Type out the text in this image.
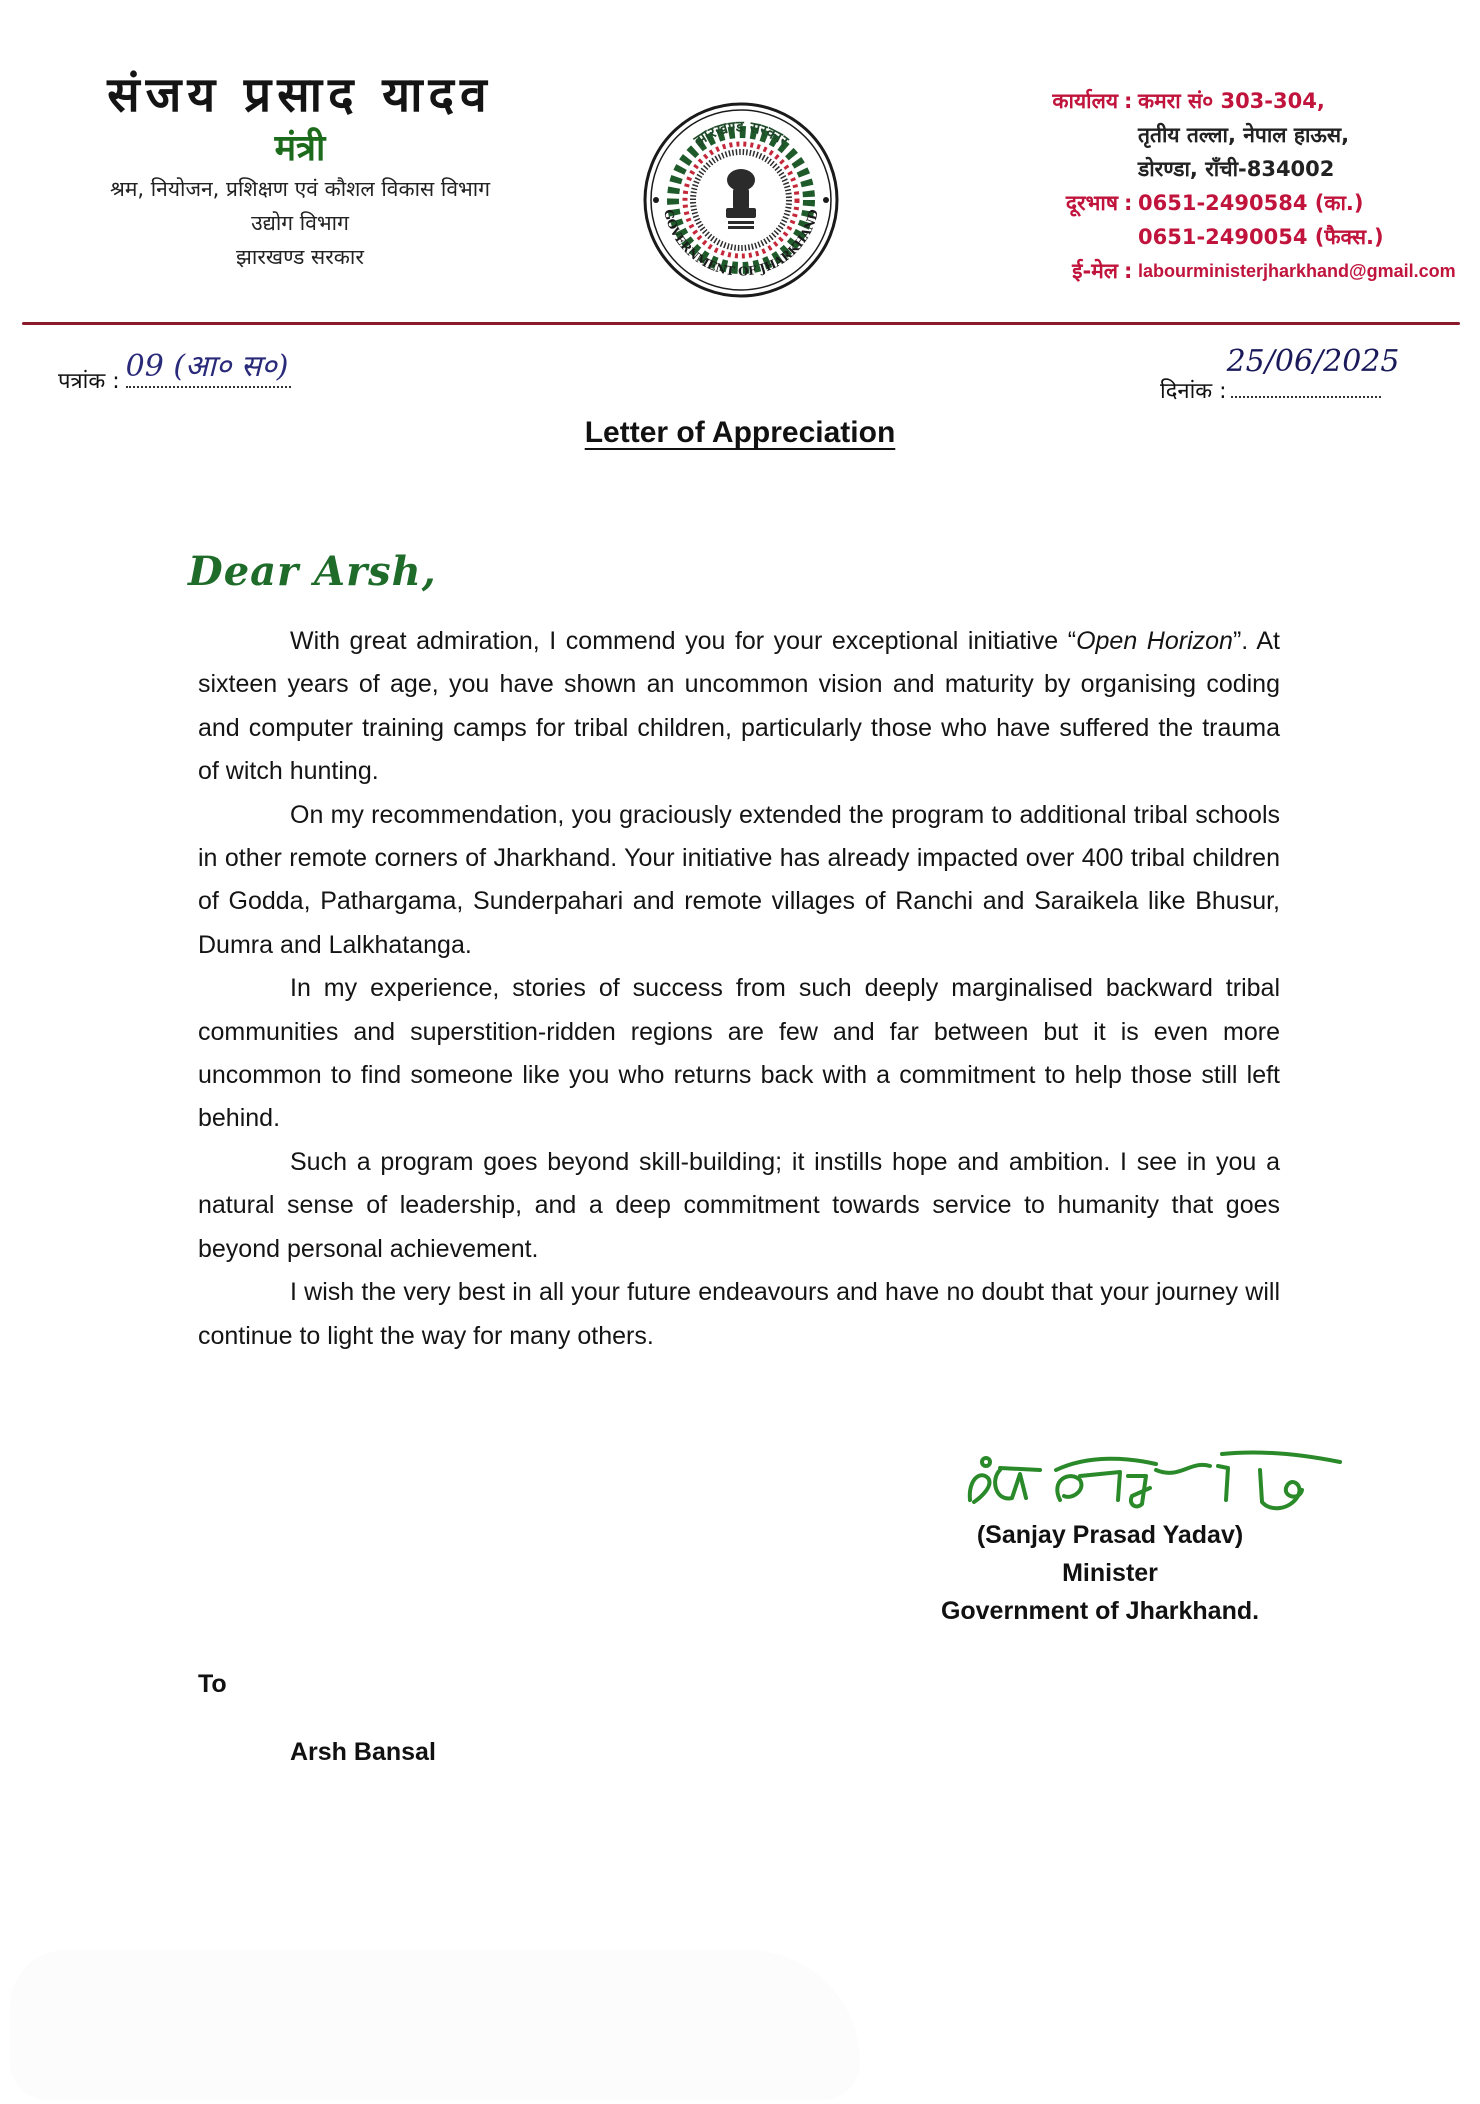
संजय प्रसाद यादव
मंत्री
श्रम, नियोजन, प्रशिक्षण एवं कौशल विकास विभाग
उद्योग विभाग
झारखण्ड सरकार
झारखण्ड सरकार
GOVERNMENT OF JHARKHAND
कार्यालय : कमरा सं० 303-304,
तृतीय तल्ला, नेपाल हाऊस,
डोरण्डा, राँची-834002
दूरभाष : 0651-2490584 (का.)
0651-2490054 (फैक्स.)
ई-मेल : labourministerjharkhand@gmail.com
पत्रांक : 09 (आ० स०)
दिनांक :
25/06/2025
Letter of Appreciation
Dear Arsh,

With great admiration, I commend you for your exceptional initiative “Open Horizon”. At sixteen years of age, you have shown an uncommon vision and maturity by organising coding and computer training camps for tribal children, particularly those who have suffered the trauma of witch hunting.

On my recommendation, you graciously extended the program to additional tribal schools in other remote corners of Jharkhand. Your initiative has already impacted over 400 tribal children of Godda, Pathargama, Sunderpahari and remote villages of Ranchi and Saraikela like Bhusur, Dumra and Lalkhatanga.

In my experience, stories of success from such deeply marginalised backward tribal communities and superstition-ridden regions are few and far between but it is even more uncommon to find someone like you who returns back with a commitment to help those still left behind.

Such a program goes beyond skill-building; it instills hope and ambition. I see in you a natural sense of leadership, and a deep commitment towards service to humanity that goes beyond personal achievement.

I wish the very best in all your future endeavours and have no doubt that your journey will continue to light the way for many others.

(Sanjay Prasad Yadav)
Minister
Government of Jharkhand.
To
Arsh Bansal
